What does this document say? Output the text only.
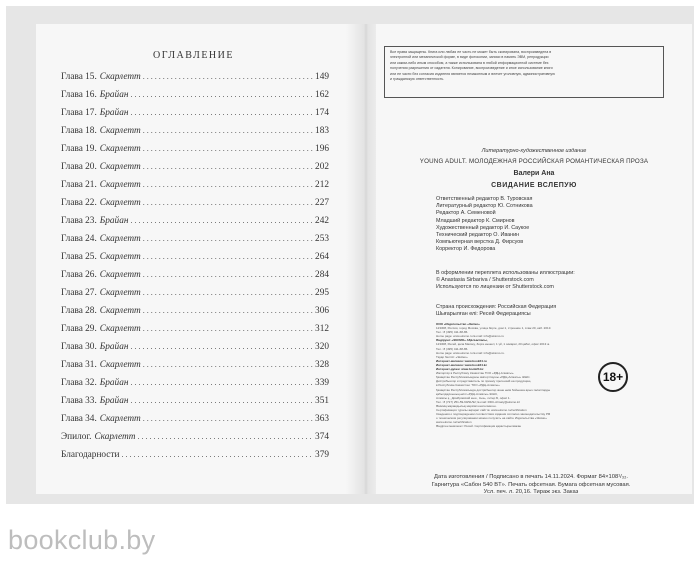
ОГЛАВЛЕНИЕ
Глава 15. Скарлетт . . .	149
Глава 16. Брайан . . .	162
Глава 17. Брайан . . .	174
Глава 18. Скарлетт . . .	183
Глава 19. Скарлетт . . .	196
Глава 20. Скарлетт . . .	202
Глава 21. Скарлетт . . .	212
Глава 22. Скарлетт . . .	227
Глава 23. Брайан . . .	242
Глава 24. Скарлетт . . .	253
Глава 25. Скарлетт . . .	264
Глава 26. Скарлетт . . .	284
Глава 27. Скарлетт . . .	295
Глава 28. Скарлетт . . .	306
Глава 29. Скарлетт . . .	312
Глава 30. Брайан . . .	320
Глава 31. Скарлетт . . .	328
Глава 32. Брайан . . .	339
Глава 33. Брайан . . .	351
Глава 34. Скарлетт . . .	363
Эпилог. Скарлетт . . .	374
Благодарности . . .	379
Все права защищены. Книга или любая ее часть не может быть скопирована, воспроизведена в
электронной или механической форме, в виде фотокопии, записи в память ЭВМ, репродукции
или каким-либо иным способом, а также использована в любой информационной системе без
получения разрешения от издателя. Копирование, воспроизведение и иное использование книги
или ее части без согласия издателя является незаконным и влечет уголовную, административную
и гражданскую ответственность.
Литературно-художественное издание
YOUNG ADULT. МОЛОДЕЖНАЯ РОССИЙСКАЯ РОМАНТИЧЕСКАЯ ПРОЗА
Валери Ана
СВИДАНИЕ ВСЛЕПУЮ
Ответственный редактор В. Туровская
Литературный редактор Ю. Сотникова
Редактор А. Семеновой
Младший редактор К. Смирнов
Художественный редактор И. Саукое
Технический редактор О. Иванин
Компьютерная верстка Д. Фирсуов
Корректор И. Федорова
В оформлении переплета использованы иллюстрации:
© Anastasia Sirbariva / Shutterstock.com
Используются по лицензии от Shutterstock.com
Страна происхождения: Российская Федерация
Шығарылған елі: Ресей Федерациясы
ООО «Издательство «Эксмо»
123308, Россия, город Москва, улица Зорге, дом 1, строение 1, этаж 20, каб. 2013.
Тел.: 8 (495) 411-68-86.
Home page: www.eksmo.ru E-mail: info@eksmo.ru
Өндіруші: «ЭКСМО» АҚБ Баспасы,
123308, Ресей, қала Мәскеу, Зорге көшесі, 1 үй, 1 ғимарат, 20 қабат, офис 2013 ж.
Тел.: 8 (495) 411-68-86.
Home page: www.eksmo.ru E-mail: info@eksmo.ru.
Тауар белгісі: «Эксмо»
Интернет-магазин: www.book24.ru
Интернет-магазин: www.book24.kz
Интернет-дүкен: www.book24.kz
Импортёр в Республику Казахстан ТОО «РДЦ-Алматы».
Қазақстан Республикасындағы импорттаушы «РДЦ-Алматы» ЖШС.
Дистрибьютор и представитель по приему претензий на продукцию,
в Республике Казахстан: ТОО «РДЦ-Алматы»
Қазақстан Республикасында дистрибьютор және өнім бойынша арыз-талаптарды
қабылдаушының өкілі «РДЦ-Алматы» ЖШС,
Алматы қ., Домбровский көш., 3«а», литер Б, офис 1.
Тел.: 8 (727) 251-59-90/91/92; E-mail: RDC-Almaty@eksmo.kz
Өнімнің жарамдылық мерзімі шектелмеген.
Сертификация туралы ақпарат сайтта: www.eksmo.ru/certification
Сведения о подтверждении соответствия издания согласно законодательству РФ
о техническом регулировании можно получить на сайте Издательства «Эксмо»
www.eksmo.ru/certification
Өндірген мемлекет: Ресей. Сертификация қарастырылмаған
18+
Дата изготовления / Подписано в печать 14.11.2024. Формат 84×108¹/₃₂.
Гарнитура «Сабон 540 BT». Печать офсетная. Бумага офсетная мусовая.
Усл. печ. л. 20,16. Тираж экз. Заказ
bookclub.by
